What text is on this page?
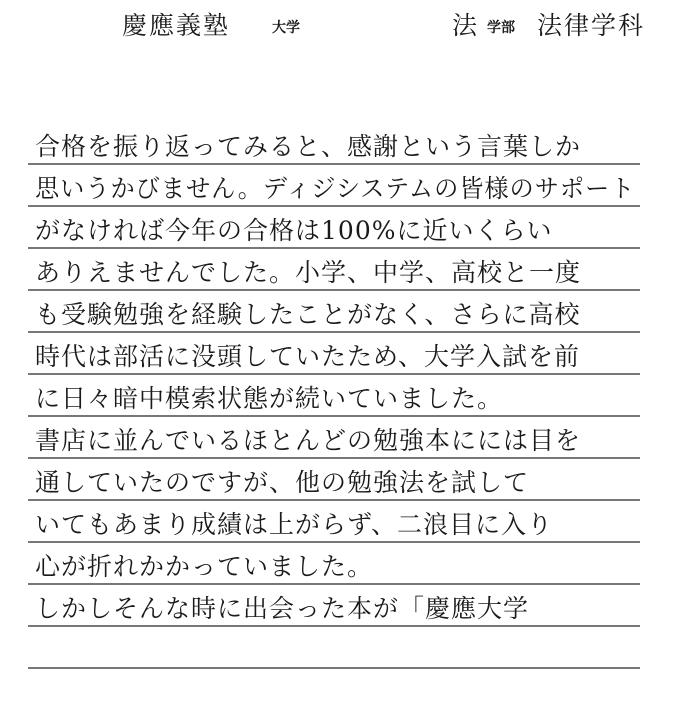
慶應義塾	大学	法 学部 法律学科
合格を振り返ってみると、感謝という言葉しか
思いうかびません。ディジシステムの皆様のサポート
がなければ今年の合格は100%に近いくらい
ありえませんでした。小学、中学、高校と一度
も受験勉強を経験したことがなく、さらに高校
時代は部活に没頭していたため、大学入試を前
に日々暗中模索状態が続いていました。
書店に並んでいるほとんどの勉強本にには目を
通していたのですが、他の勉強法を試して
いてもあまり成績は上がらず、二浪目に入り
心が折れかかっていました。
しかしそんな時に出会った本が「慶應大学
